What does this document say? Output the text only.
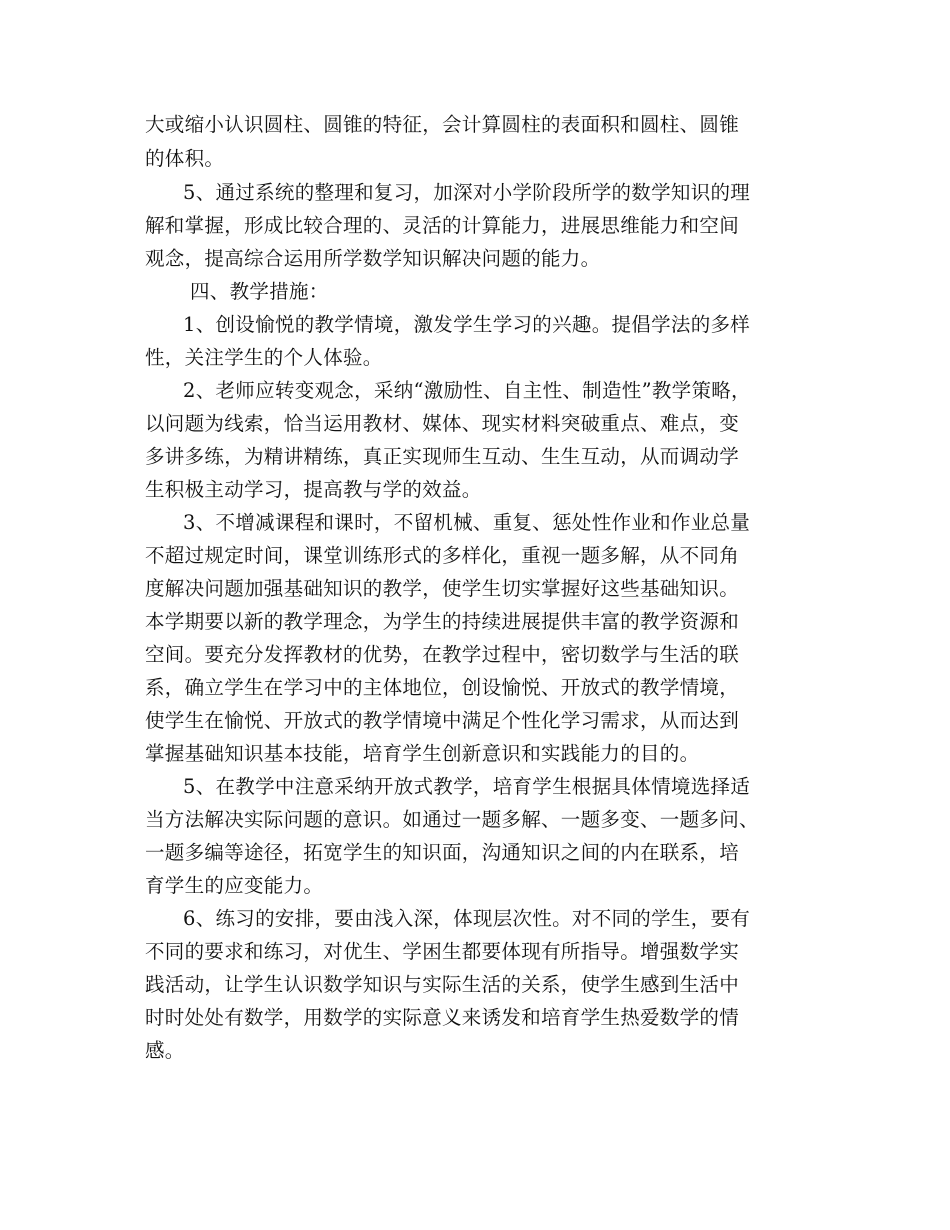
大或缩小认识圆柱、圆锥的特征，会计算圆柱的表面积和圆柱、圆锥
的体积。
5、通过系统的整理和复习，加深对小学阶段所学的数学知识的理
解和掌握，形成比较合理的、灵活的计算能力，进展思维能力和空间
观念，提高综合运用所学数学知识解决问题的能力。
四、教学措施：
1、创设愉悦的教学情境，激发学生学习的兴趣。提倡学法的多样
性，关注学生的个人体验。
2、老师应转变观念，采纳“激励性、自主性、制造性”教学策略，
以问题为线索，恰当运用教材、媒体、现实材料突破重点、难点，变
多讲多练，为精讲精练，真正实现师生互动、生生互动，从而调动学
生积极主动学习，提高教与学的效益。
3、不增减课程和课时，不留机械、重复、惩处性作业和作业总量
不超过规定时间，课堂训练形式的多样化，重视一题多解，从不同角
度解决问题加强基础知识的教学，使学生切实掌握好这些基础知识。
本学期要以新的教学理念，为学生的持续进展提供丰富的教学资源和
空间。要充分发挥教材的优势，在教学过程中，密切数学与生活的联
系，确立学生在学习中的主体地位，创设愉悦、开放式的教学情境，
使学生在愉悦、开放式的教学情境中满足个性化学习需求，从而达到
掌握基础知识基本技能，培育学生创新意识和实践能力的目的。
5、在教学中注意采纳开放式教学，培育学生根据具体情境选择适
当方法解决实际问题的意识。如通过一题多解、一题多变、一题多问、
一题多编等途径，拓宽学生的知识面，沟通知识之间的内在联系，培
育学生的应变能力。
6、练习的安排，要由浅入深，体现层次性。对不同的学生，要有
不同的要求和练习，对优生、学困生都要体现有所指导。增强数学实
践活动，让学生认识数学知识与实际生活的关系，使学生感到生活中
时时处处有数学，用数学的实际意义来诱发和培育学生热爱数学的情
感。
